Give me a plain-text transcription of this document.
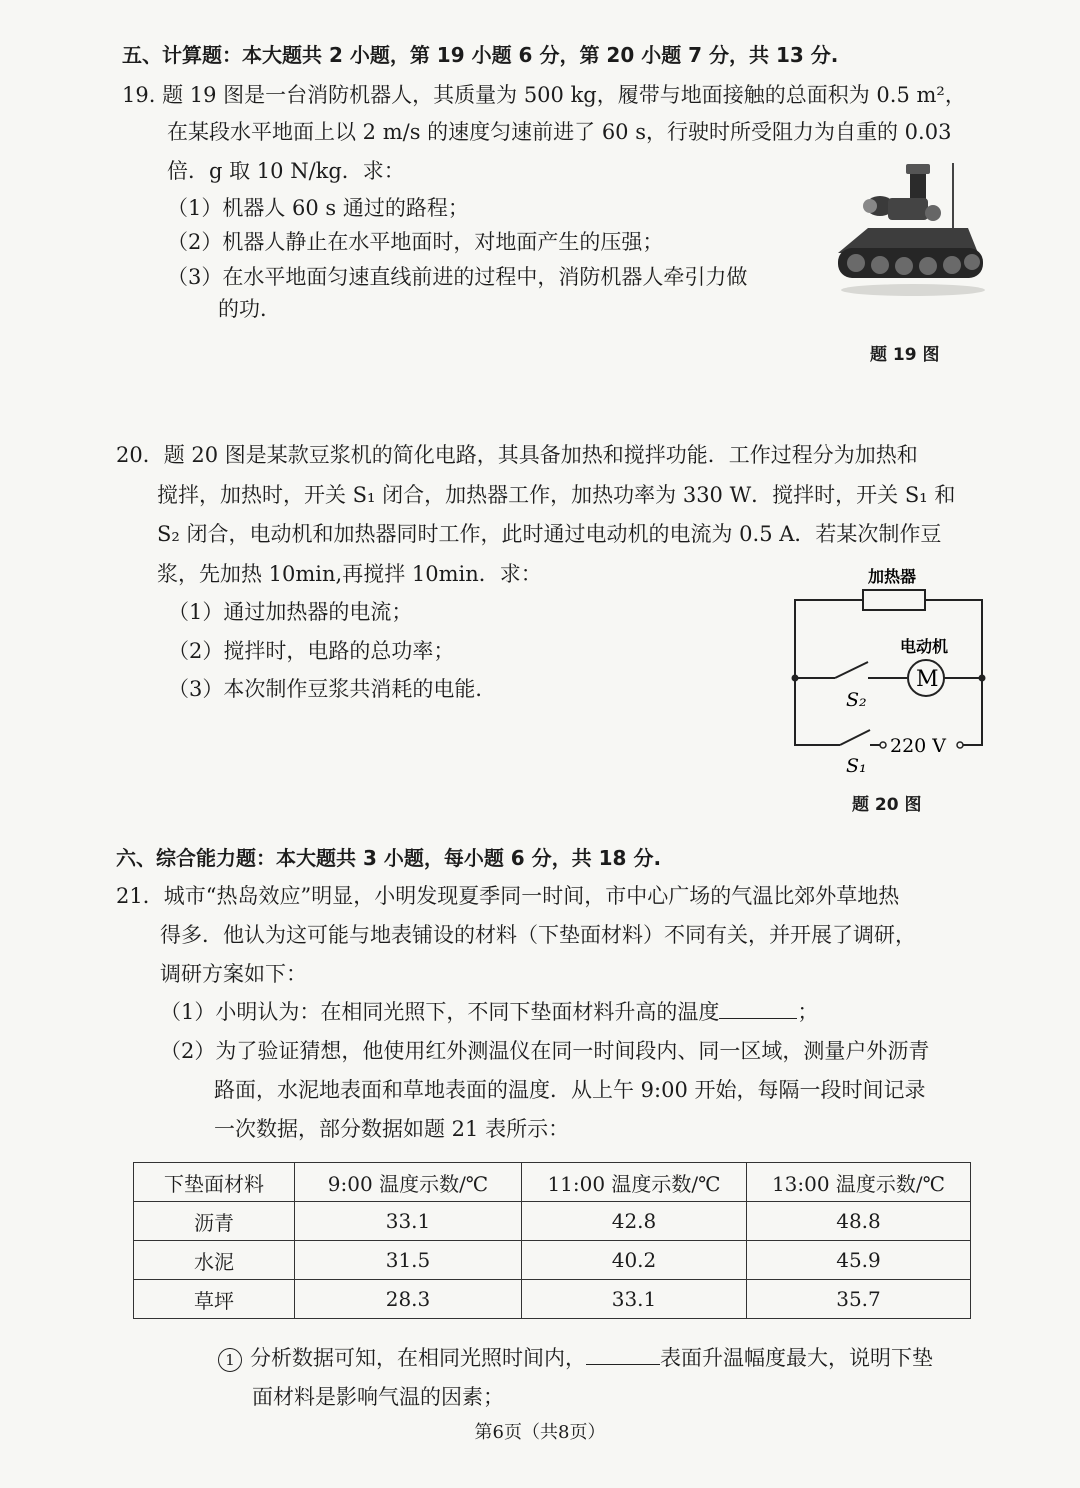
五、计算题：本大题共 2 小题，第 19 小题 6 分，第 20 小题 7 分，共 13 分.
19. 题 19 图是一台消防机器人，其质量为 500 kg，履带与地面接触的总面积为 0.5 m²，
在某段水平地面上以 2 m/s 的速度匀速前进了 60 s，行驶时所受阻力为自重的 0.03
倍．g 取 10 N/kg．求：
（1）机器人 60 s 通过的路程；
（2）机器人静止在水平地面时，对地面产生的压强；
（3）在水平地面匀速直线前进的过程中，消防机器人牵引力做
的功．
题 19 图
20．题 20 图是某款豆浆机的简化电路，其具备加热和搅拌功能．工作过程分为加热和
搅拌，加热时，开关 S₁ 闭合，加热器工作，加热功率为 330 W．搅拌时，开关 S₁ 和
S₂ 闭合，电动机和加热器同时工作，此时通过电动机的电流为 0.5 A．若某次制作豆
浆，先加热 10min,再搅拌 10min．求：
（1）通过加热器的电流；
（2）搅拌时，电路的总功率；
（3）本次制作豆浆共消耗的电能．
加热器
电动机
M
S₂
S₁
220 V
题 20 图
六、综合能力题：本大题共 3 小题，每小题 6 分，共 18 分.
21．城市“热岛效应”明显，小明发现夏季同一时间，市中心广场的气温比郊外草地热
得多．他认为这可能与地表铺设的材料（下垫面材料）不同有关，并开展了调研，
调研方案如下：
（1）小明认为：在相同光照下，不同下垫面材料升高的温度	；
（2）为了验证猜想，他使用红外测温仪在同一时间段内、同一区域，测量户外沥青
路面，水泥地表面和草地表面的温度．从上午 9:00 开始，每隔一段时间记录
一次数据，部分数据如题 21 表所示：
下垫面材料	9:00 温度示数/℃	11:00 温度示数/℃	13:00 温度示数/℃
沥青	33.1	42.8	48.8
水泥	31.5	40.2	45.9
草坪	28.3	33.1	35.7
1 分析数据可知，在相同光照时间内，	表面升温幅度最大，说明下垫
面材料是影响气温的因素；
第6页（共8页）
